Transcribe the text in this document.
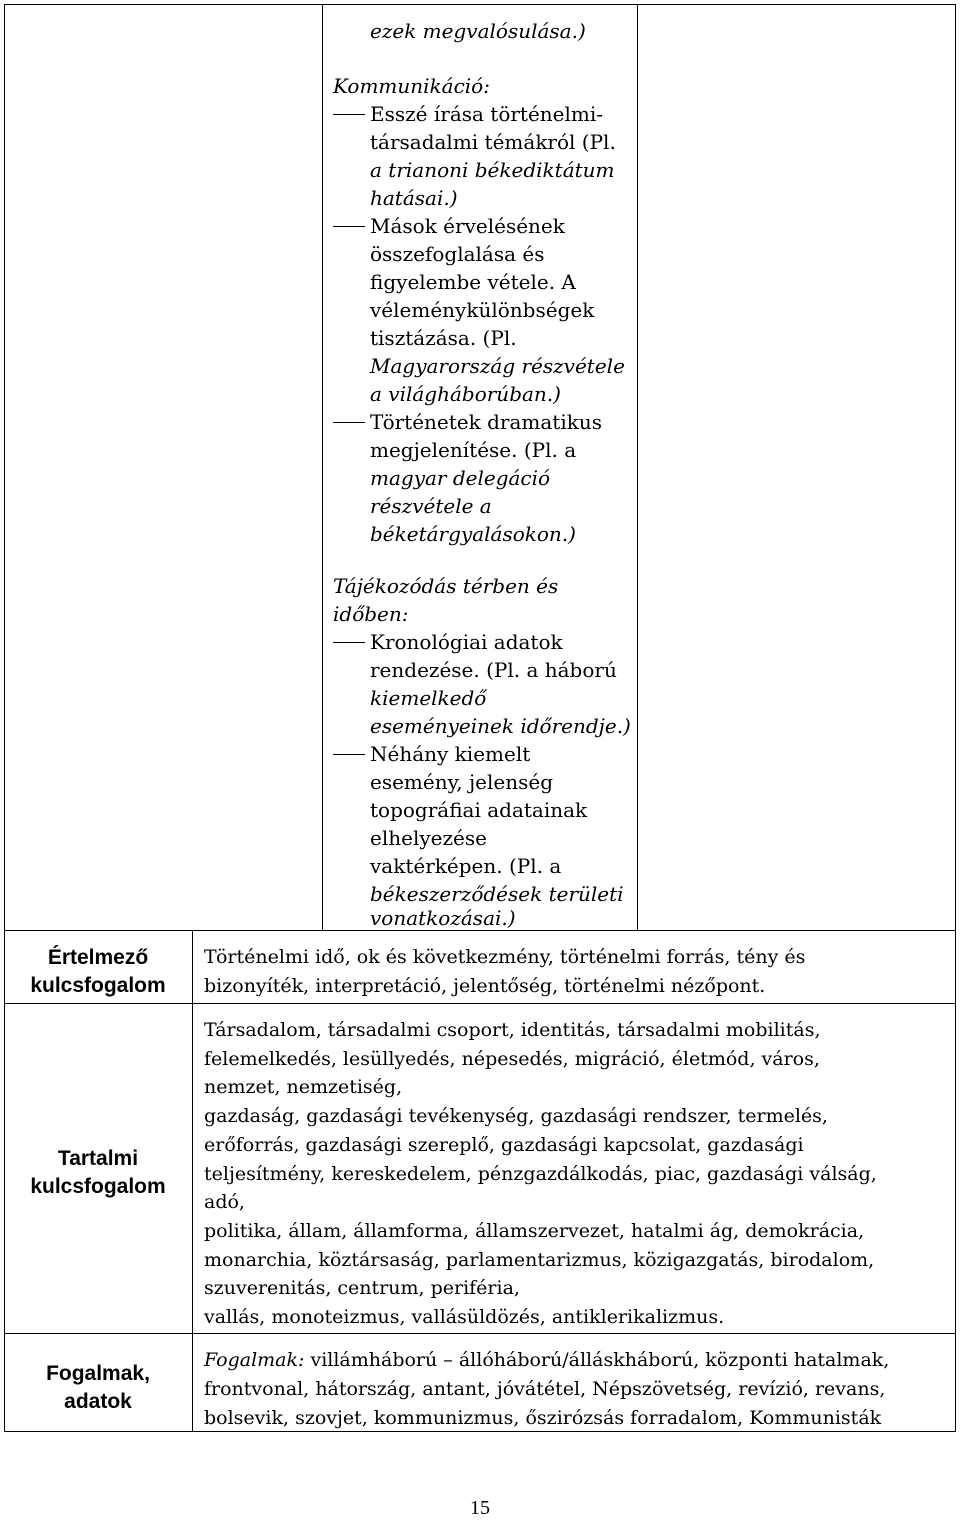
ezek megvalósulása.)
Kommunikáció:
Esszé írása történelmi-
társadalmi témákról (Pl.
a trianoni békediktátum
hatásai.)
Mások érvelésének
összefoglalása és
figyelembe vétele. A
véleménykülönbségek
tisztázása. (Pl.
Magyarország részvétele
a világháborúban.)
Történetek dramatikus
megjelenítése. (Pl. a
magyar delegáció
részvétele a
béketárgyalásokon.)
Tájékozódás térben és
időben:
Kronológiai adatok
rendezése. (Pl. a háború
kiemelkedő
eseményeinek időrendje.)
Néhány kiemelt
esemény, jelenség
topográfiai adatainak
elhelyezése
vaktérképen. (Pl. a
békeszerződések területi
vonatkozásai.)
Értelmező
kulcsfogalom
Történelmi idő, ok és következmény, történelmi forrás, tény és
bizonyíték, interpretáció, jelentőség, történelmi nézőpont.
Tartalmi
kulcsfogalom
Társadalom, társadalmi csoport, identitás, társadalmi mobilitás,
felemelkedés, lesüllyedés, népesedés, migráció, életmód, város,
nemzet, nemzetiség,
gazdaság, gazdasági tevékenység, gazdasági rendszer, termelés,
erőforrás, gazdasági szereplő, gazdasági kapcsolat, gazdasági
teljesítmény, kereskedelem, pénzgazdálkodás, piac, gazdasági válság,
adó,
politika, állam, államforma, államszervezet, hatalmi ág, demokrácia,
monarchia, köztársaság, parlamentarizmus, közigazgatás, birodalom,
szuverenitás, centrum, periféria,
vallás, monoteizmus, vallásüldözés, antiklerikalizmus.
Fogalmak,
adatok
Fogalmak: villámháború – állóháború/álláskháború, központi hatalmak,
frontvonal, hátország, antant, jóvátétel, Népszövetség, revízió, revans,
bolsevik, szovjet, kommunizmus, őszirózsás forradalom, Kommunisták
15
